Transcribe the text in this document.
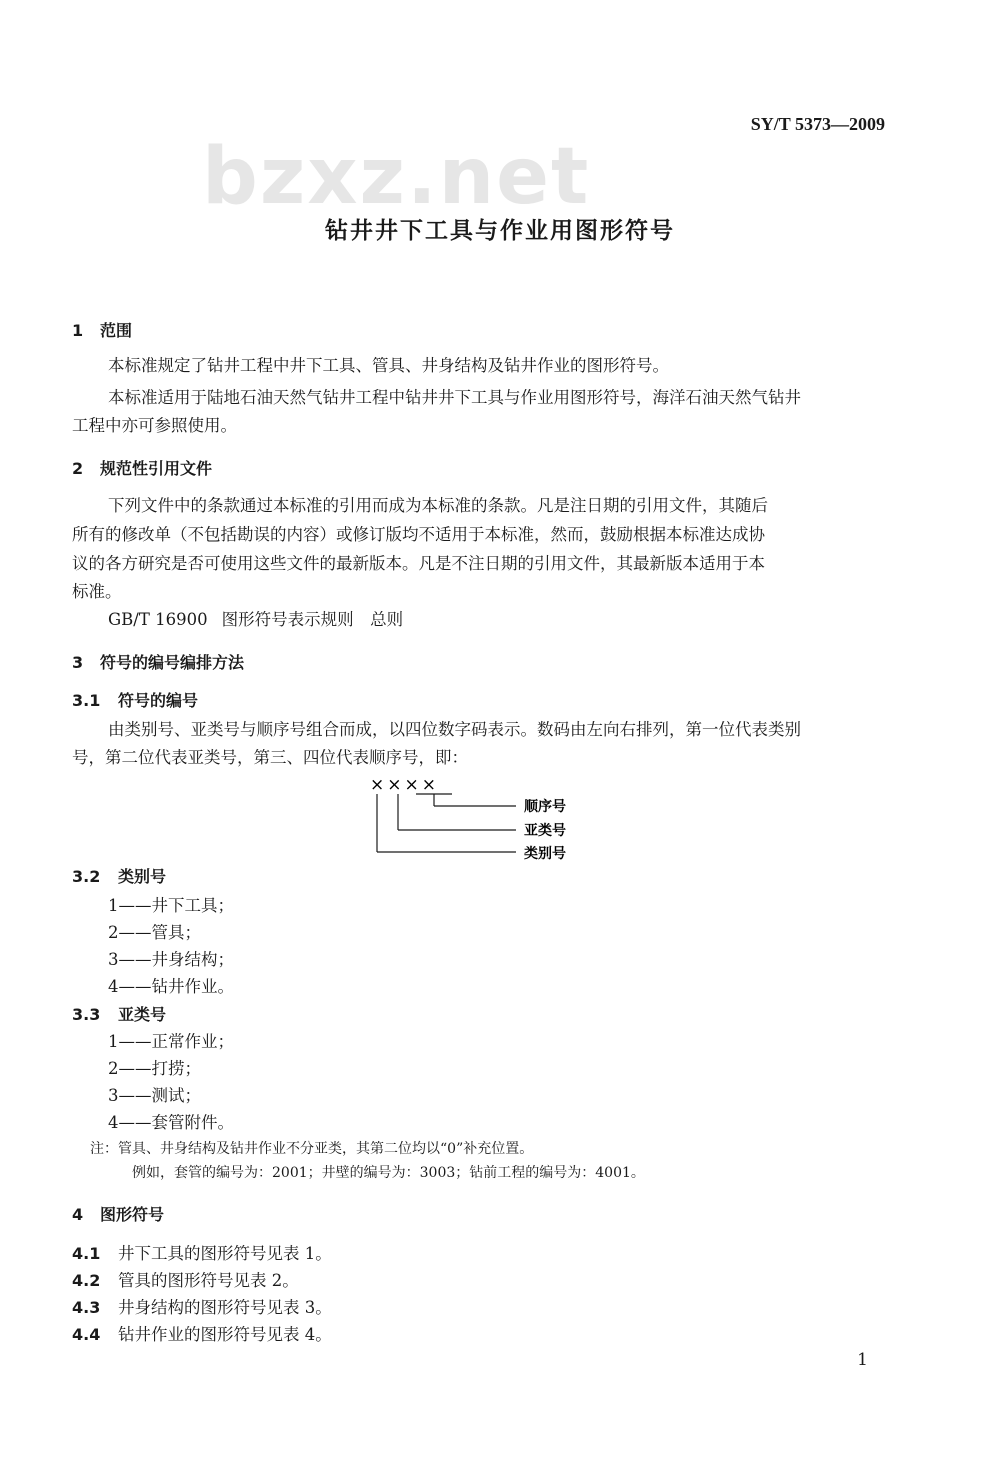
SY/T 5373—2009
bzxz.net
钻井井下工具与作业用图形符号
1 范围
本标准规定了钻井工程中井下工具、管具、井身结构及钻井作业的图形符号。
本标准适用于陆地石油天然气钻井工程中钻井井下工具与作业用图形符号，海洋石油天然气钻井
工程中亦可参照使用。
2 规范性引用文件
下列文件中的条款通过本标准的引用而成为本标准的条款。凡是注日期的引用文件，其随后
所有的修改单（不包括勘误的内容）或修订版均不适用于本标准，然而，鼓励根据本标准达成协
议的各方研究是否可使用这些文件的最新版本。凡是不注日期的引用文件，其最新版本适用于本
标准。
GB/T 16900 图形符号表示规则　总则
3 符号的编号编排方法
3.1 符号的编号
由类别号、亚类号与顺序号组合而成，以四位数字码表示。数码由左向右排列，第一位代表类别
号，第二位代表亚类号，第三、四位代表顺序号，即：
××××
顺序号
亚类号
类别号
3.2 类别号
1——井下工具；
2——管具；
3——井身结构；
4——钻井作业。
3.3 亚类号
1——正常作业；
2——打捞；
3——测试；
4——套管附件。
注：管具、井身结构及钻井作业不分亚类，其第二位均以“0”补充位置。
例如，套管的编号为：2001；井壁的编号为：3003；钻前工程的编号为：4001。
4 图形符号
4.1 井下工具的图形符号见表 1。
4.2 管具的图形符号见表 2。
4.3 井身结构的图形符号见表 3。
4.4 钻井作业的图形符号见表 4。
1
